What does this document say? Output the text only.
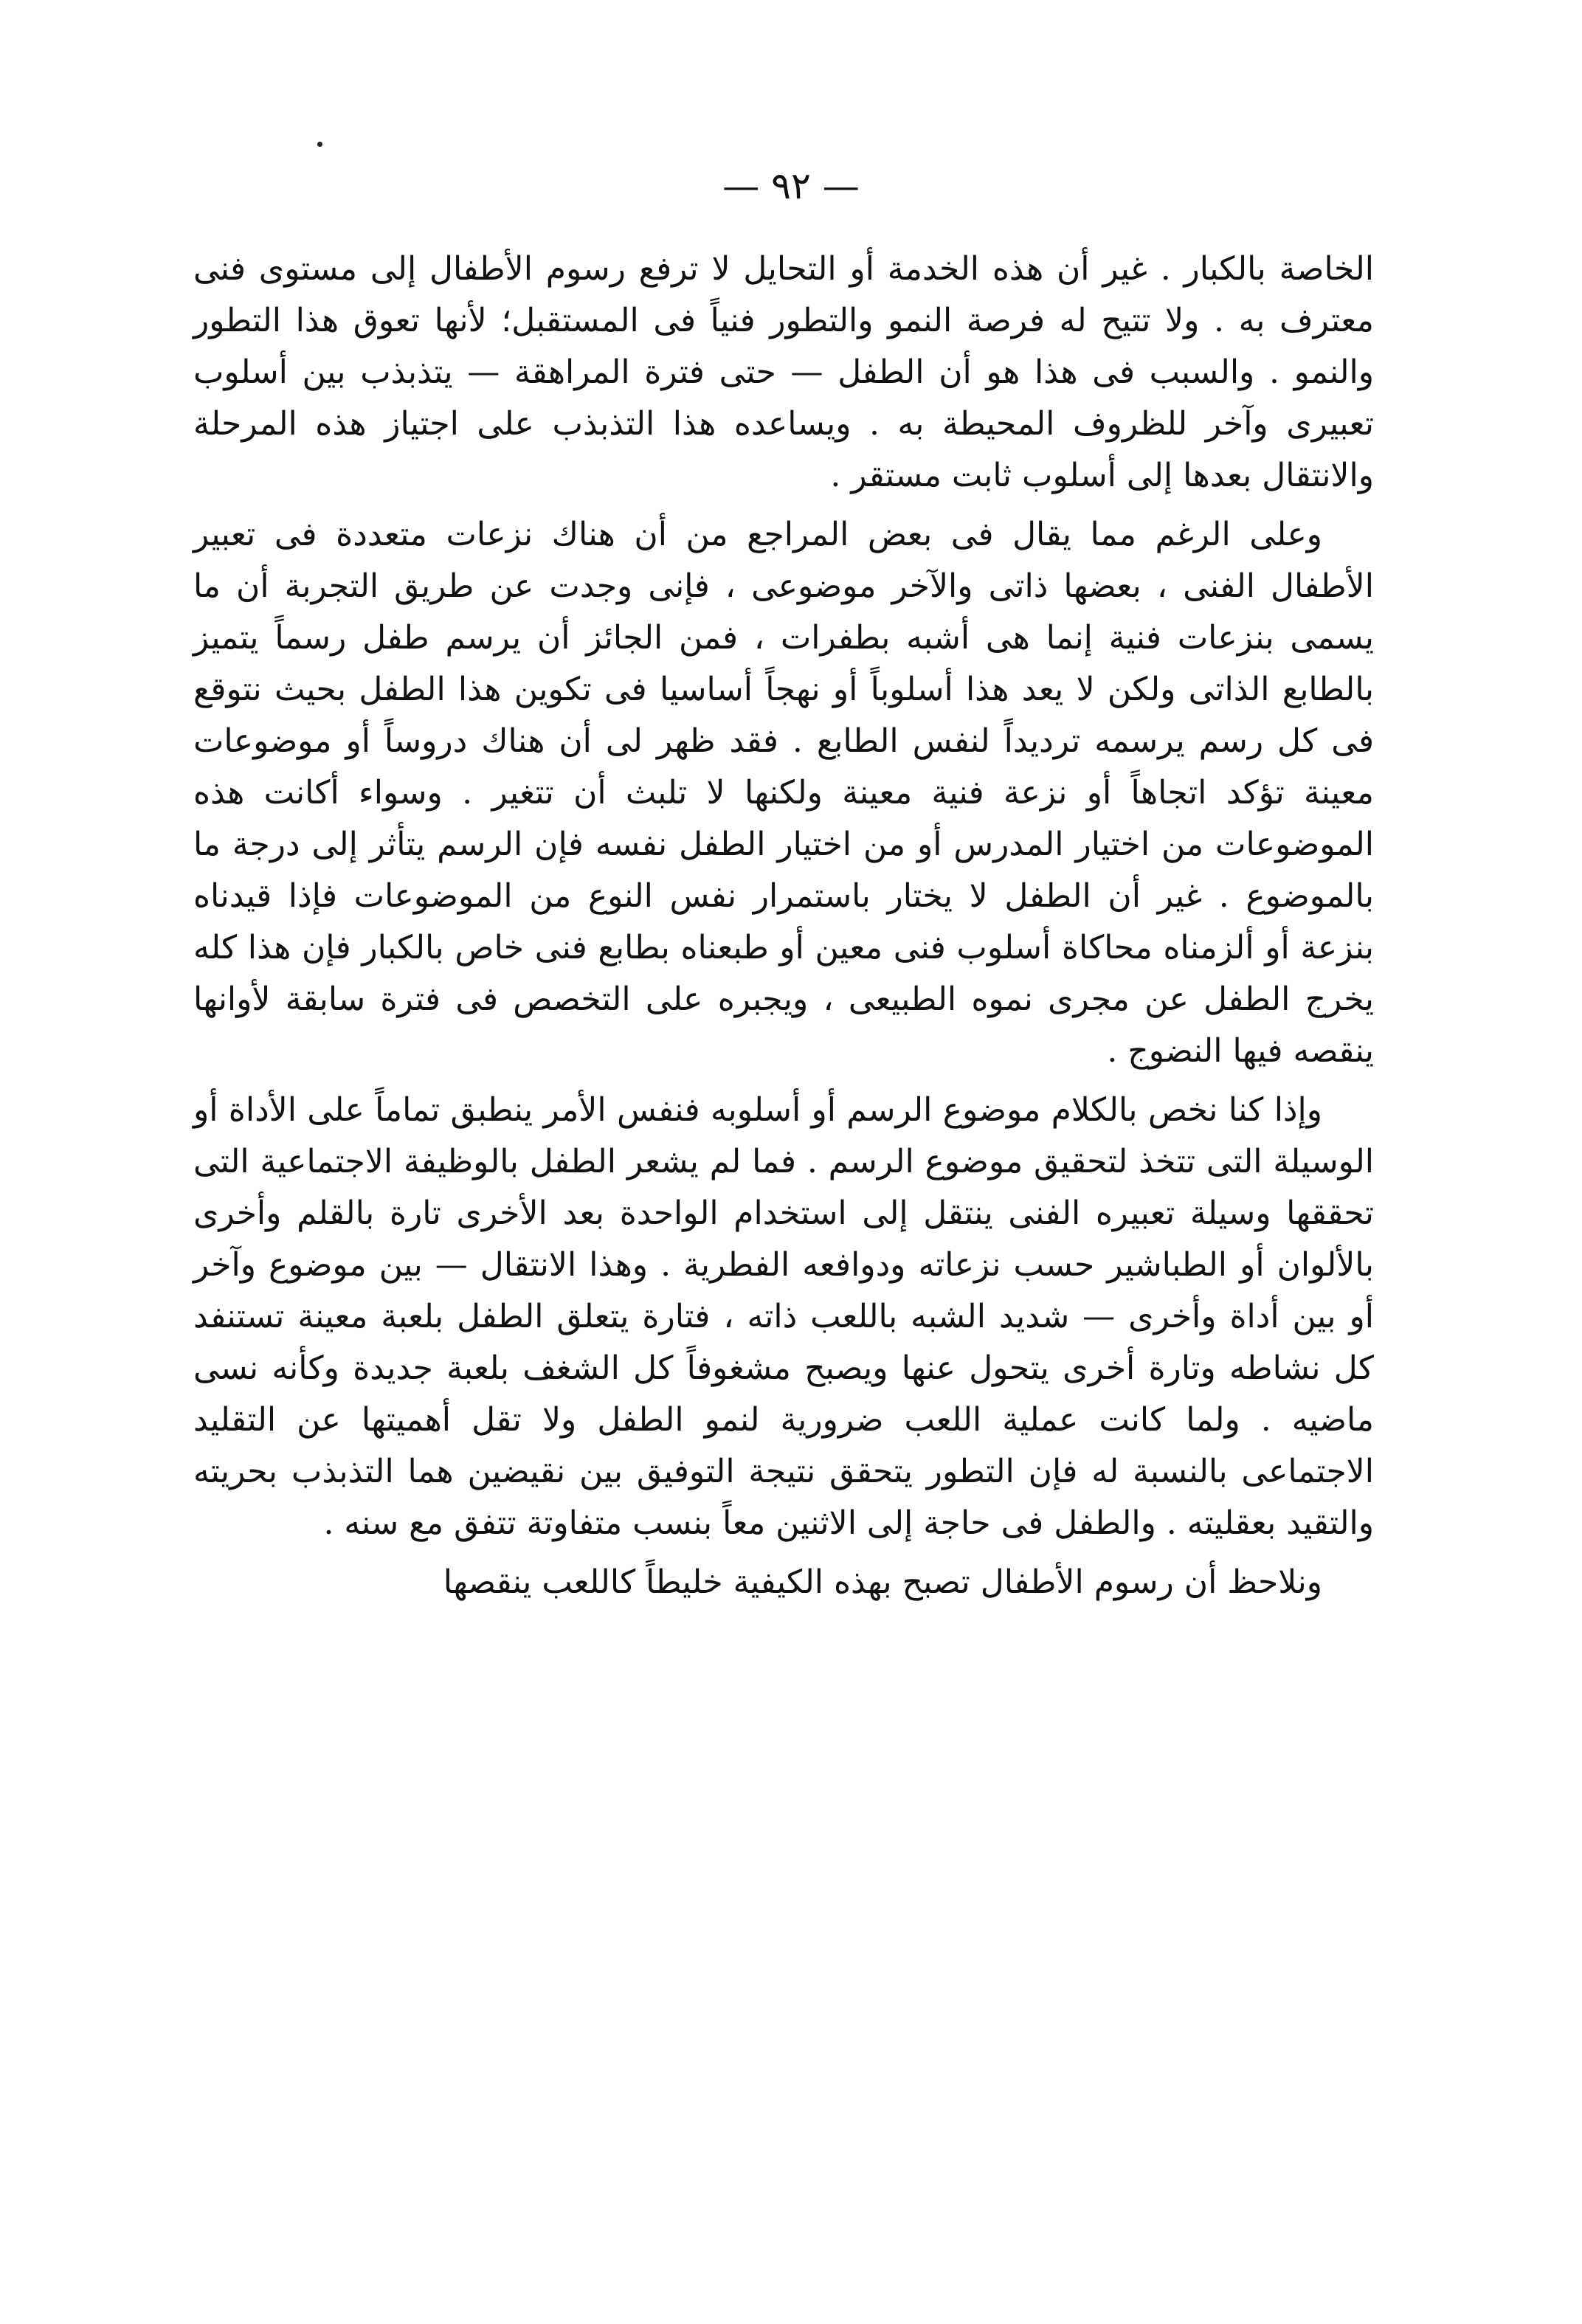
— ٩٢ —

الخاصة بالكبار . غير أن هذه الخدمة أو التحايل لا ترفع رسوم الأطفال إلى مستوى فنى معترف به . ولا تتيح له فرصة النمو والتطور فنياً فى المستقبل؛ لأنها تعوق هذا التطور والنمو . والسبب فى هذا هو أن الطفل — حتى فترة المراهقة — يتذبذب بين أسلوب تعبيرى وآخر للظروف المحيطة به . ويساعده هذا التذبذب على اجتياز هذه المرحلة والانتقال بعدها إلى أسلوب ثابت مستقر .

وعلى الرغم مما يقال فى بعض المراجع من أن هناك نزعات متعددة فى تعبير الأطفال الفنى ، بعضها ذاتى والآخر موضوعى ، فإنى وجدت عن طريق التجربة أن ما يسمى بنزعات فنية إنما هى أشبه بطفرات ، فمن الجائز أن يرسم طفل رسماً يتميز بالطابع الذاتى ولكن لا يعد هذا أسلوباً أو نهجاً أساسيا فى تكوين هذا الطفل بحيث نتوقع فى كل رسم يرسمه ترديداً لنفس الطابع . فقد ظهر لى أن هناك دروساً أو موضوعات معينة تؤكد اتجاهاً أو نزعة فنية معينة ولكنها لا تلبث أن تتغير . وسواء أكانت هذه الموضوعات من اختيار المدرس أو من اختيار الطفل نفسه فإن الرسم يتأثر إلى درجة ما بالموضوع . غير أن الطفل لا يختار باستمرار نفس النوع من الموضوعات فإذا قيدناه بنزعة أو ألزمناه محاكاة أسلوب فنى معين أو طبعناه بطابع فنى خاص بالكبار فإن هذا كله يخرج الطفل عن مجرى نموه الطبيعى ، ويجبره على التخصص فى فترة سابقة لأوانها ينقصه فيها النضوج .

وإذا كنا نخص بالكلام موضوع الرسم أو أسلوبه فنفس الأمر ينطبق تماماً على الأداة أو الوسيلة التى تتخذ لتحقيق موضوع الرسم . فما لم يشعر الطفل بالوظيفة الاجتماعية التى تحققها وسيلة تعبيره الفنى ينتقل إلى استخدام الواحدة بعد الأخرى تارة بالقلم وأخرى بالألوان أو الطباشير حسب نزعاته ودوافعه الفطرية . وهذا الانتقال — بين موضوع وآخر أو بين أداة وأخرى — شديد الشبه باللعب ذاته ، فتارة يتعلق الطفل بلعبة معينة تستنفد كل نشاطه وتارة أخرى يتحول عنها ويصبح مشغوفاً كل الشغف بلعبة جديدة وكأنه نسى ماضيه . ولما كانت عملية اللعب ضرورية لنمو الطفل ولا تقل أهميتها عن التقليد الاجتماعى بالنسبة له فإن التطور يتحقق نتيجة التوفيق بين نقيضين هما التذبذب بحريته والتقيد بعقليته . والطفل فى حاجة إلى الاثنين معاً بنسب متفاوتة تتفق مع سنه .

ونلاحظ أن رسوم الأطفال تصبح بهذه الكيفية خليطاً كاللعب ينقصها
